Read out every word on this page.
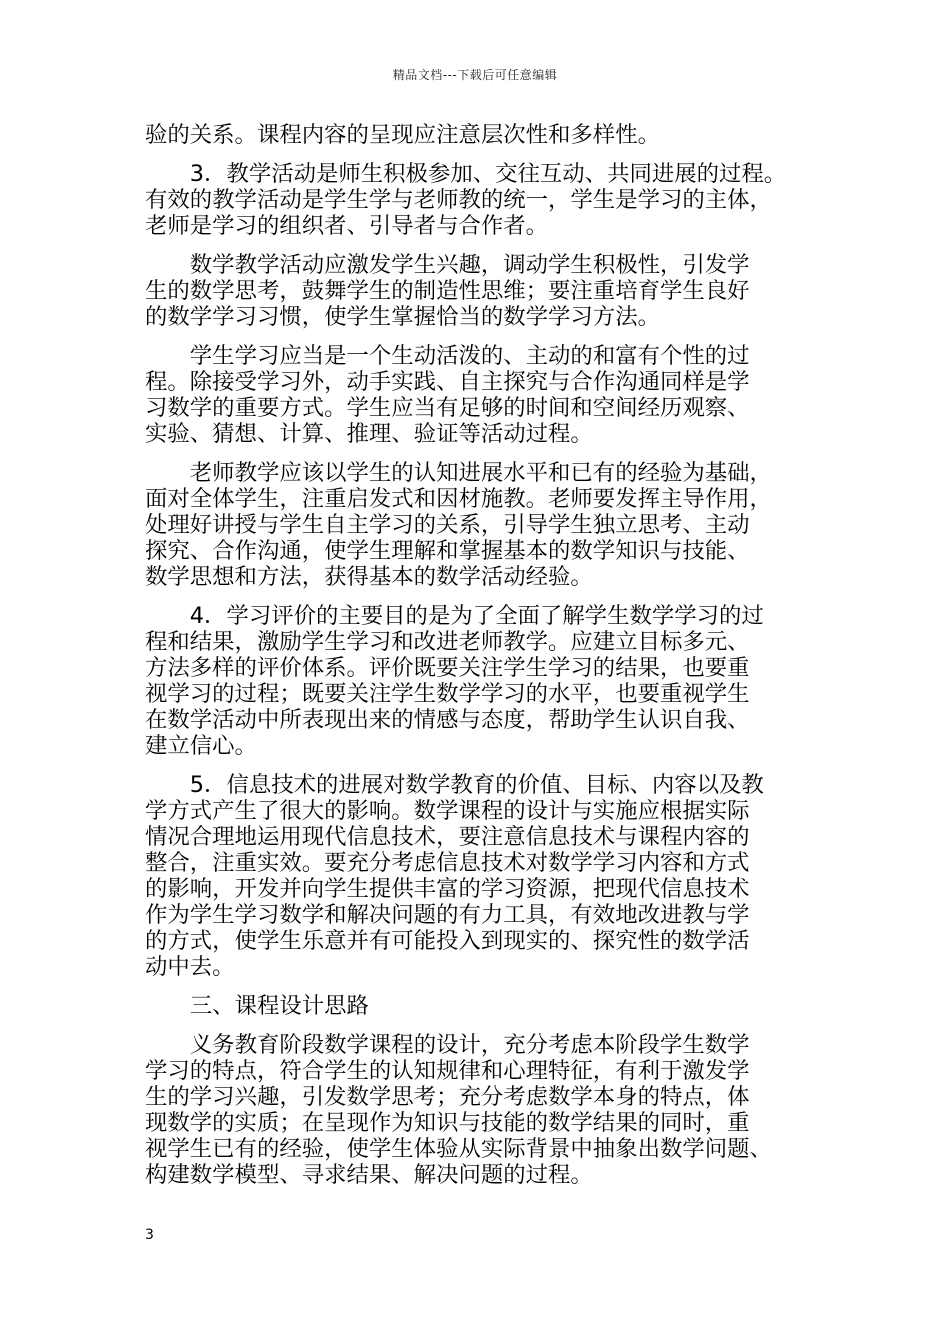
精品文档---下载后可任意编辑

验的关系。课程内容的呈现应注意层次性和多样性。

3．教学活动是师生积极参加、交往互动、共同进展的过程。
有效的教学活动是学生学与老师教的统一，学生是学习的主体，
老师是学习的组织者、引导者与合作者。

数学教学活动应激发学生兴趣，调动学生积极性，引发学
生的数学思考，鼓舞学生的制造性思维；要注重培育学生良好
的数学学习习惯，使学生掌握恰当的数学学习方法。

学生学习应当是一个生动活泼的、主动的和富有个性的过
程。除接受学习外，动手实践、自主探究与合作沟通同样是学
习数学的重要方式。学生应当有足够的时间和空间经历观察、
实验、猜想、计算、推理、验证等活动过程。

老师教学应该以学生的认知进展水平和已有的经验为基础，
面对全体学生，注重启发式和因材施教。老师要发挥主导作用，
处理好讲授与学生自主学习的关系，引导学生独立思考、主动
探究、合作沟通，使学生理解和掌握基本的数学知识与技能、
数学思想和方法，获得基本的数学活动经验。

4．学习评价的主要目的是为了全面了解学生数学学习的过
程和结果，激励学生学习和改进老师教学。应建立目标多元、
方法多样的评价体系。评价既要关注学生学习的结果，也要重
视学习的过程；既要关注学生数学学习的水平，也要重视学生
在数学活动中所表现出来的情感与态度，帮助学生认识自我、
建立信心。

5．信息技术的进展对数学教育的价值、目标、内容以及教
学方式产生了很大的影响。数学课程的设计与实施应根据实际
情况合理地运用现代信息技术，要注意信息技术与课程内容的
整合，注重实效。要充分考虑信息技术对数学学习内容和方式
的影响，开发并向学生提供丰富的学习资源，把现代信息技术
作为学生学习数学和解决问题的有力工具，有效地改进教与学
的方式，使学生乐意并有可能投入到现实的、探究性的数学活
动中去。

三、课程设计思路

义务教育阶段数学课程的设计，充分考虑本阶段学生数学
学习的特点，符合学生的认知规律和心理特征，有利于激发学
生的学习兴趣，引发数学思考；充分考虑数学本身的特点，体
现数学的实质；在呈现作为知识与技能的数学结果的同时，重
视学生已有的经验，使学生体验从实际背景中抽象出数学问题、
构建数学模型、寻求结果、解决问题的过程。

3
